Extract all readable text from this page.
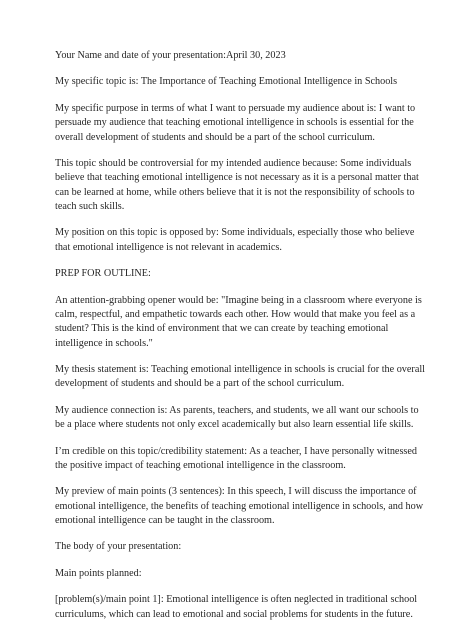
Your Name and date of your presentation:April 30, 2023

My specific topic is: The Importance of Teaching Emotional Intelligence in Schools

My specific purpose in terms of what I want to persuade my audience about is: I want to persuade my audience that teaching emotional intelligence in schools is essential for the overall development of students and should be a part of the school curriculum.

This topic should be controversial for my intended audience because: Some individuals believe that teaching emotional intelligence is not necessary as it is a personal matter that can be learned at home, while others believe that it is not the responsibility of schools to teach such skills.

My position on this topic is opposed by: Some individuals, especially those who believe that emotional intelligence is not relevant in academics.

PREP FOR OUTLINE:

An attention-grabbing opener would be: "Imagine being in a classroom where everyone is calm, respectful, and empathetic towards each other. How would that make you feel as a student? This is the kind of environment that we can create by teaching emotional intelligence in schools."

My thesis statement is: Teaching emotional intelligence in schools is crucial for the overall development of students and should be a part of the school curriculum.

My audience connection is: As parents, teachers, and students, we all want our schools to be a place where students not only excel academically but also learn essential life skills.

I’m credible on this topic/credibility statement: As a teacher, I have personally witnessed the positive impact of teaching emotional intelligence in the classroom.

My preview of main points (3 sentences): In this speech, I will discuss the importance of emotional intelligence, the benefits of teaching emotional intelligence in schools, and how emotional intelligence can be taught in the classroom.

The body of your presentation:

Main points planned:

[problem(s)/main point 1]: Emotional intelligence is often neglected in traditional school curriculums, which can lead to emotional and social problems for students in the future.
